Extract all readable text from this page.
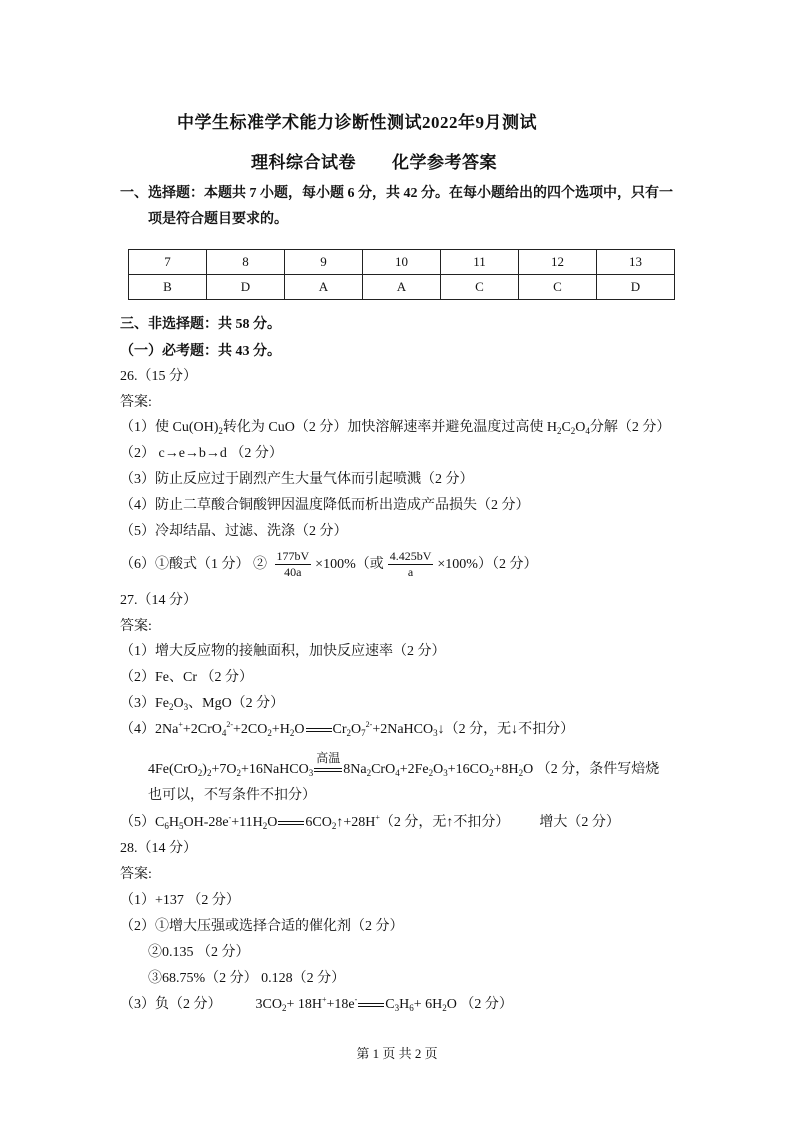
中学生标准学术能力诊断性测试2022年9月测试
理科综合试卷 化学参考答案
一、选择题：本题共 7 小题，每小题 6 分，共 42 分。在每小题给出的四个选项中，只有一
项是符合题目要求的。
7	8	9	10	11	12	13
B	D	A	A	C	C	D
三、非选择题：共 58 分。
（一）必考题：共 43 分。
26.（15 分）
答案:
（1）使 $Cu(OH)_2$转化为 CuO（2 分）加快溶解速率并避免温度过高使 $H_2C_2O_4$分解（2 分）
（2） c→e→b→d （2 分）
（3）防止反应过于剧烈产生大量气体而引起喷溅（2 分）
（4）防止二草酸合铜酸钾因温度降低而析出造成产品损失（2 分）
（5）冷却结晶、过滤、洗涤（2 分）
（6）①酸式（1 分） ② $\frac{177bV}{40a} \times 100\%$（或 $\frac{4.425bV}{a} \times 100\%)(2$ 分）
27.（14 分）
答案:
（1）增大反应物的接触面积，加快反应速率（2 分）
（2）Fe、Cr （2 分）
$(3)Fe_2O_3$、MgO（2 分）
$(4)2Na^++2CrO_4^{2-}+2CO_2+H_2O$ $Cr_2O_7^{2-}+2NaHCO_3↓(2$ 分，无↓不扣分）
$4Fe(CrO_2)_2+7O_2+16NaHCO_3$
高温
$8Na_2CrO_4+2Fe_2O_3+16CO_2+8H_2O$ （2 分，条件写焙烧
也可以，不写条件不扣分）
$(5)C_6H_5OH-28e^-+11H_2O$ $6CO_2↑+28H^+(2$ 分，无↑不扣分） 增大（2 分）
28.（14 分）
答案:
（1）+137 （2 分）
（2）①增大压强或选择合适的催化剂（2 分）
②0.135 （2 分）
③68.75%（2 分） 0.128（2 分）
（3）负（2 分） $3CO_2+ 18H^++18e^-$ $C_3H_6+ 6H_2O$ （2 分）
第 1 页 共 2 页
